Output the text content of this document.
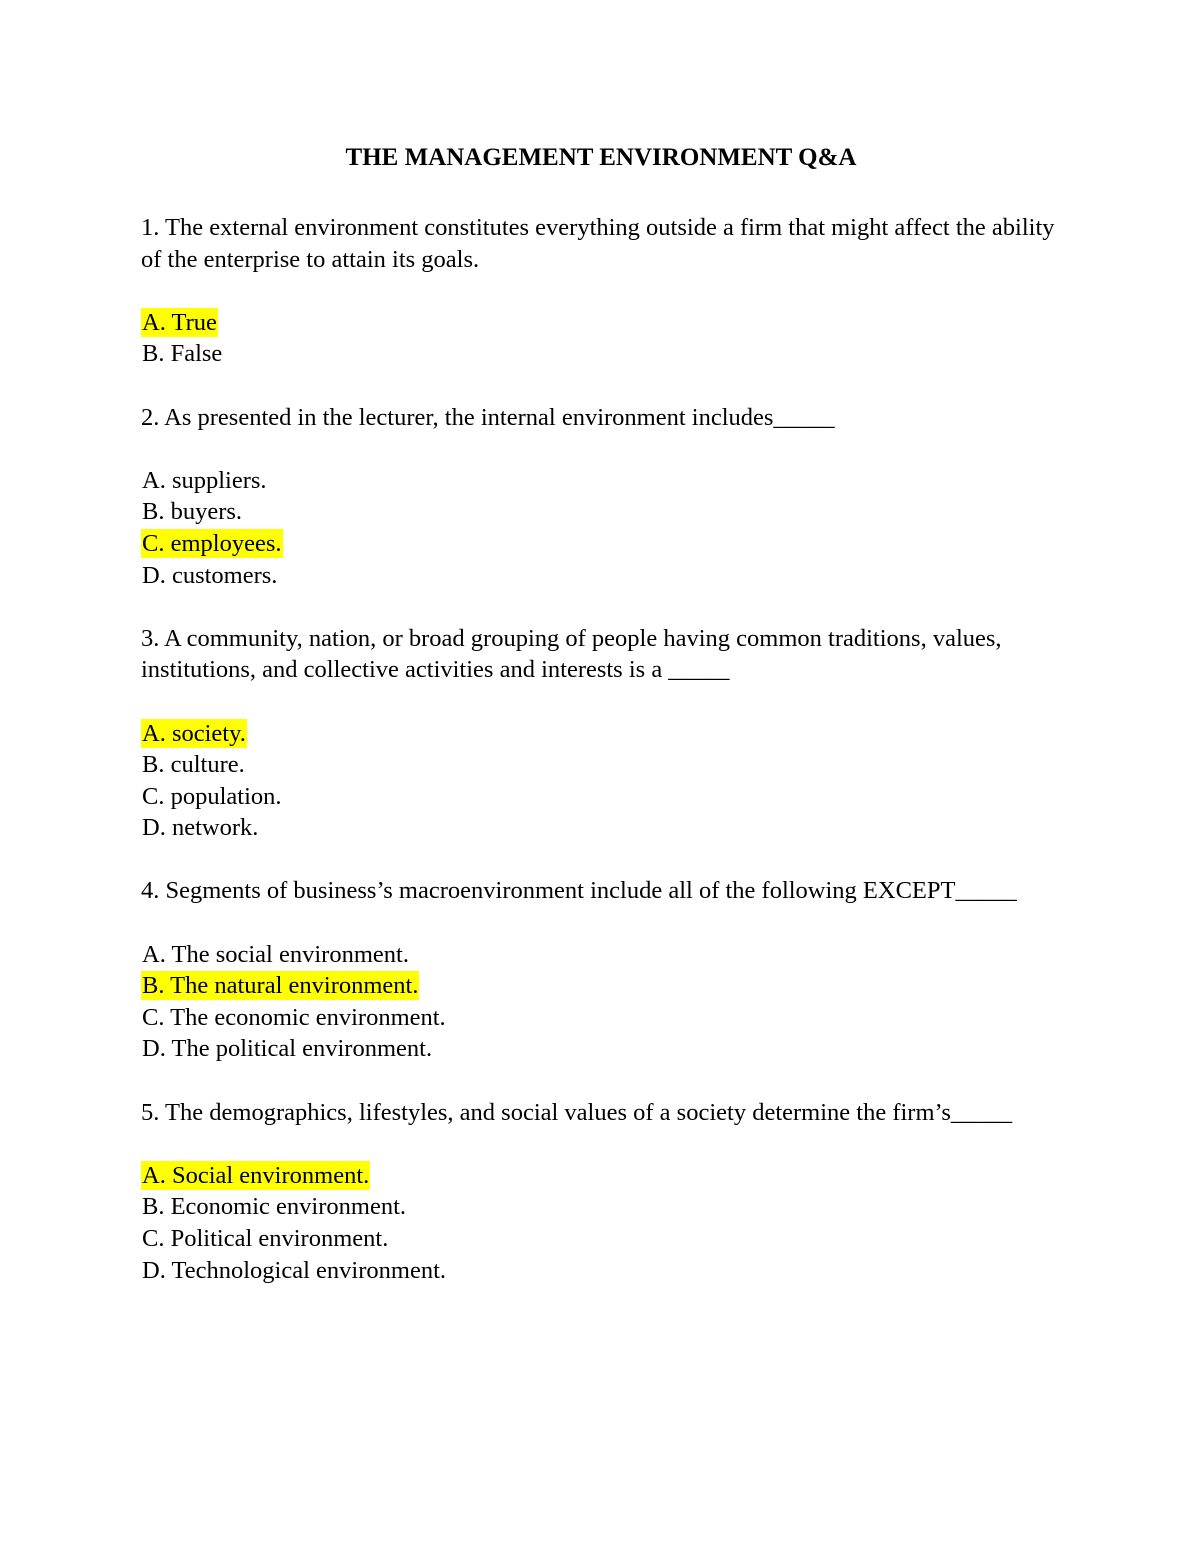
THE MANAGEMENT ENVIRONMENT Q&A

1. The external environment constitutes everything outside a firm that might affect the ability of the enterprise to attain its goals.

A. True
B. False

2. As presented in the lecturer, the internal environment includes_____

A. suppliers.
B. buyers.
C. employees.
D. customers.

3. A community, nation, or broad grouping of people having common traditions, values, institutions, and collective activities and interests is a _____

A. society.
B. culture.
C. population.
D. network.

4. Segments of business’s macroenvironment include all of the following EXCEPT_____

A. The social environment.
B. The natural environment.
C. The economic environment.
D. The political environment.

5. The demographics, lifestyles, and social values of a society determine the firm’s_____

A. Social environment.
B. Economic environment.
C. Political environment.
D. Technological environment.
